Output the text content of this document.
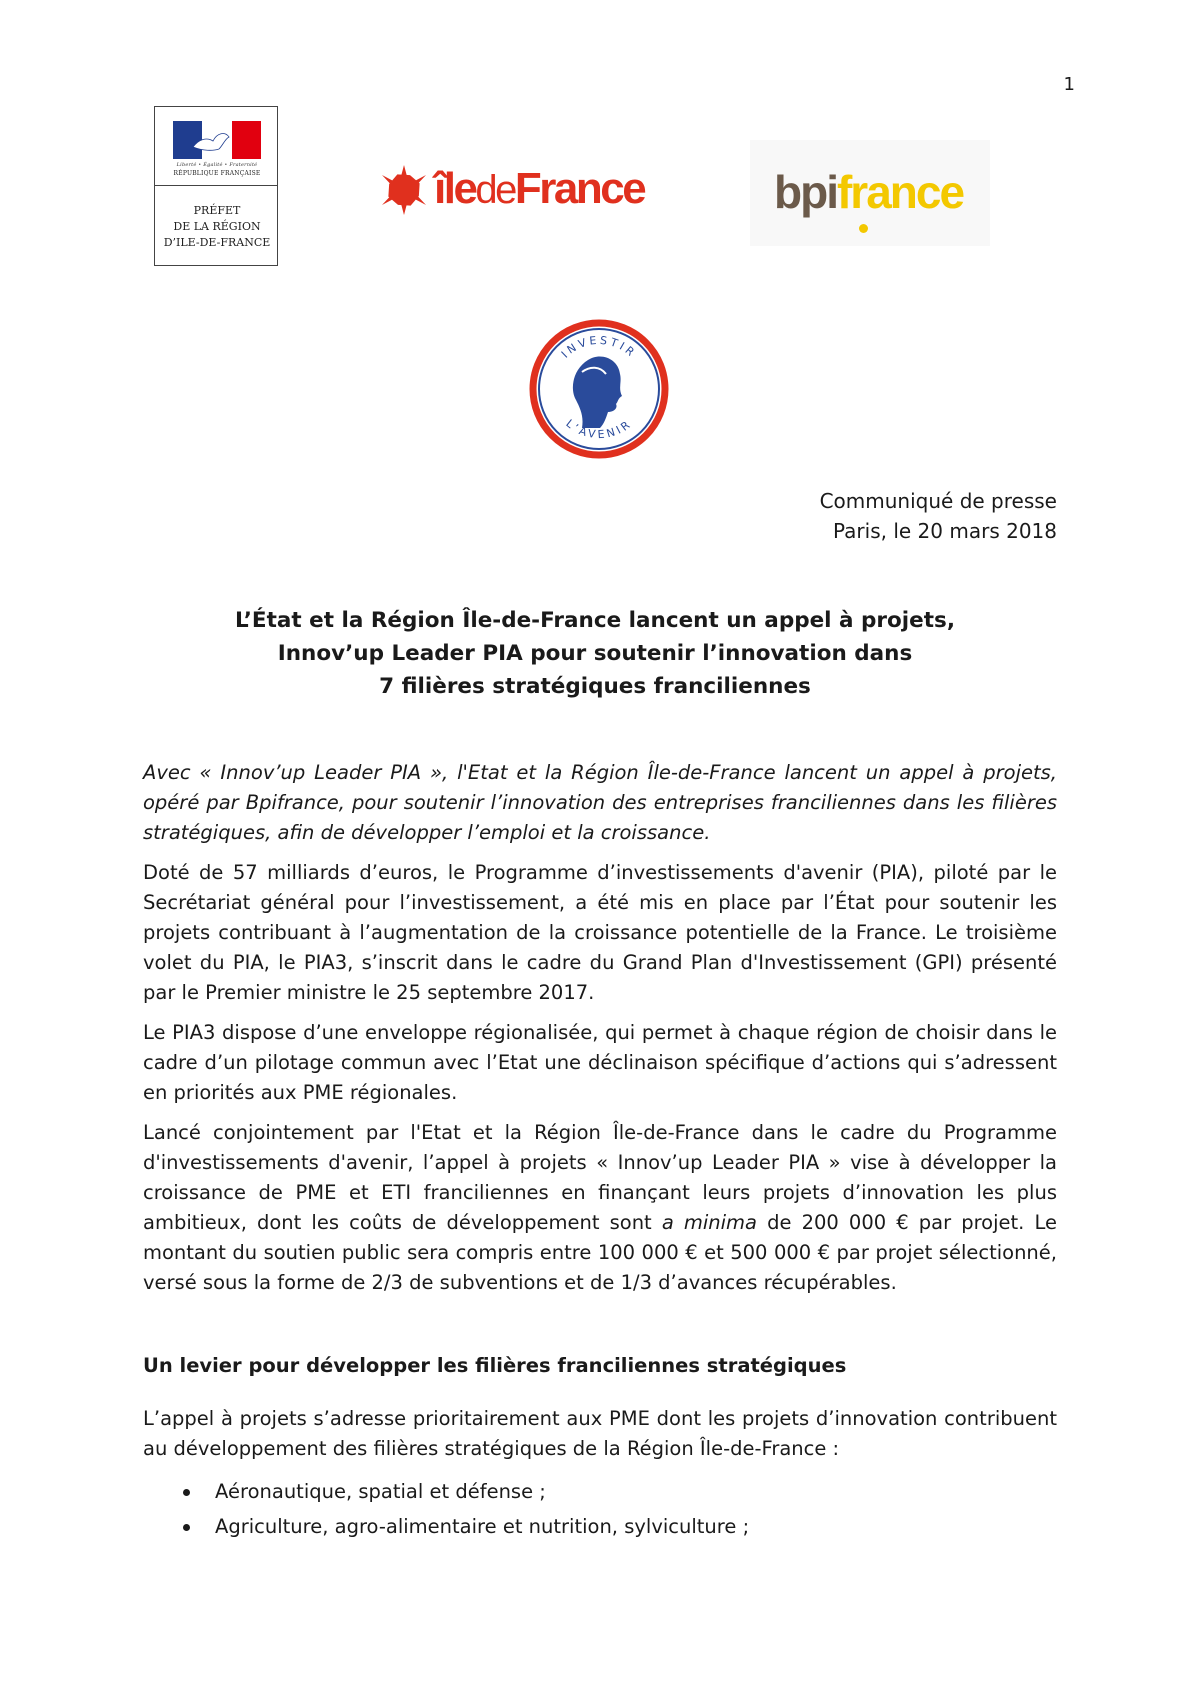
1
Liberté • Égalité • Fraternité
RÉPUBLIQUE FRANÇAISE
PRÉFET
DE LA RÉGION
D’ILE-DE-FRANCE
îledeFrance	bpifrance
INVESTIR
L’AVENIR
Communiqué de presse
Paris, le 20 mars 2018
L’État et la Région Île-de-France lancent un appel à projets,
Innov’up Leader PIA pour soutenir l’innovation dans
7 filières stratégiques franciliennes

Avec « Innov’up Leader PIA », l'Etat et la Région Île-de-France lancent un appel à projets, opéré par Bpifrance, pour soutenir l’innovation des entreprises franciliennes dans les filières stratégiques, afin de développer l’emploi et la croissance.

Doté de 57 milliards d’euros, le Programme d’investissements d'avenir (PIA), piloté par le Secrétariat général pour l’investissement, a été mis en place par l’État pour soutenir les projets contribuant à l’augmentation de la croissance potentielle de la France. Le troisième volet du PIA, le PIA3, s’inscrit dans le cadre du Grand Plan d'Investissement (GPI) présenté par le Premier ministre le 25 septembre 2017.

Le PIA3 dispose d’une enveloppe régionalisée, qui permet à chaque région de choisir dans le cadre d’un pilotage commun avec l’Etat une déclinaison spécifique d’actions qui s’adressent en priorités aux PME régionales.

Lancé conjointement par l'Etat et la Région Île-de-France dans le cadre du Programme d'investissements d'avenir, l’appel à projets « Innov’up Leader PIA » vise à développer la croissance de PME et ETI franciliennes en finançant leurs projets d’innovation les plus ambitieux, dont les coûts de développement sont a minima de 200 000 € par projet. Le montant du soutien public sera compris entre 100 000 € et 500 000 € par projet sélectionné, versé sous la forme de 2/3 de subventions et de 1/3 d’avances récupérables.

Un levier pour développer les filières franciliennes stratégiques

L’appel à projets s’adresse prioritairement aux PME dont les projets d’innovation contribuent au développement des filières stratégiques de la Région Île-de-France :

Aéronautique, spatial et défense ;
Agriculture, agro-alimentaire et nutrition, sylviculture ;
